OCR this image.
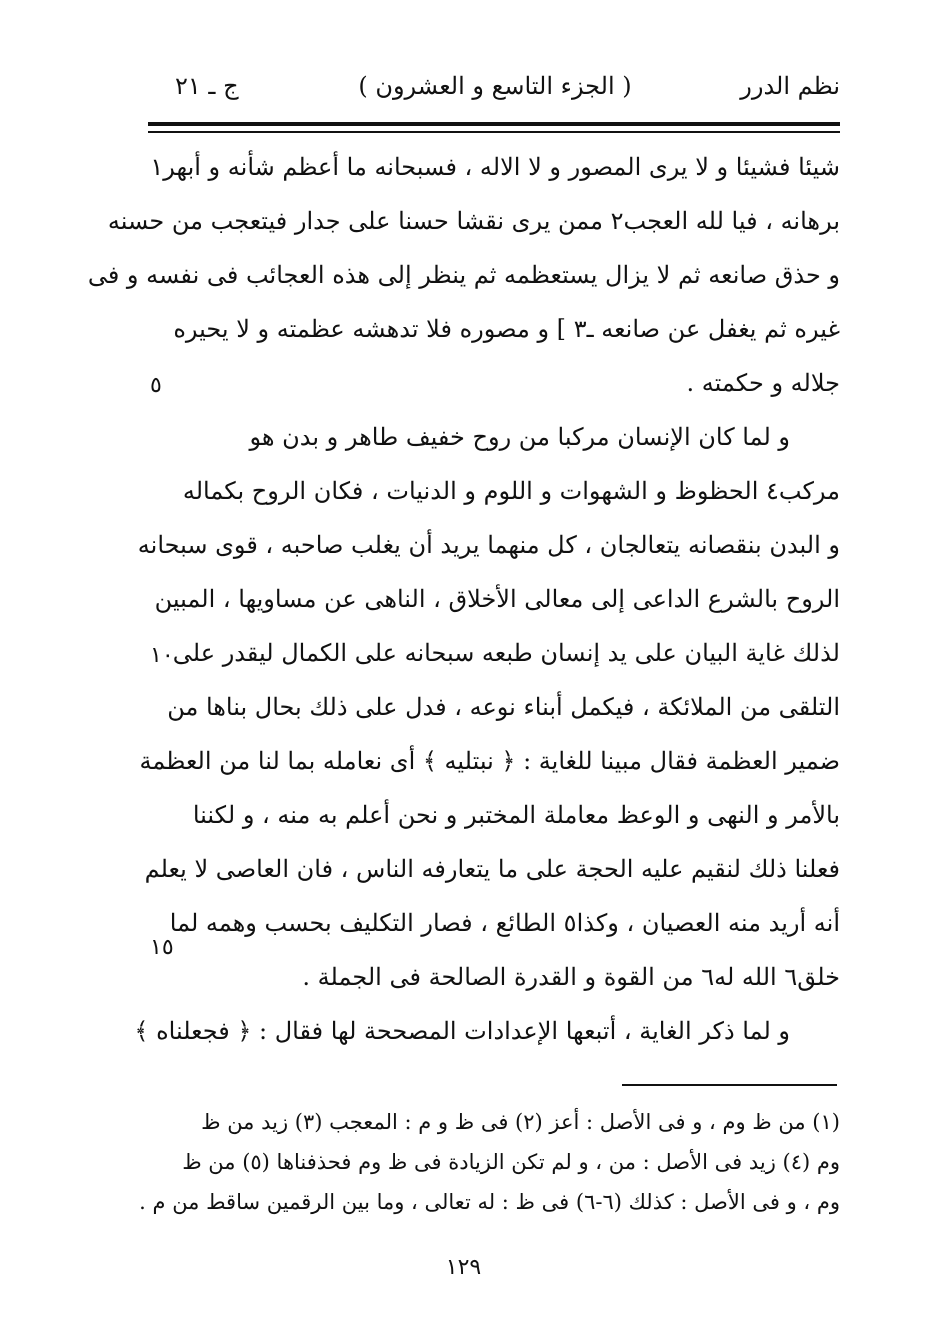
نظم الدرر
( الجزء التاسع و العشرون )
ج ـ ٢١
شيئا فشيئا و لا يرى المصور و لا الاله ، فسبحانه ما أعظم شأنه و أبهر١
برهانه ، فيا لله العجب٢ ممن يرى نقشا حسنا على جدار فيتعجب من حسنه
و حذق صانعه ثم لا يزال يستعظمه ثم ينظر إلى هذه العجائب فى نفسه و فى
غيره ثم يغفل عن صانعه ـ٣ ] و مصوره فلا تدهشه عظمته و لا يحيره
جلاله و حكمته .
و لما كان الإنسان مركبا من روح خفيف طاهر و بدن هو
مركب٤ الحظوظ و الشهوات و اللوم و الدنيات ، فكان الروح بكماله
و البدن بنقصانه يتعالجان ، كل منهما يريد أن يغلب صاحبه ، قوى سبحانه
الروح بالشرع الداعى إلى معالى الأخلاق ، الناهى عن مساويها ، المبين
لذلك غاية البيان على يد إنسان طبعه سبحانه على الكمال ليقدر على
التلقى من الملائكة ، فيكمل أبناء نوعه ، فدل على ذلك بحال بناها من
ضمير العظمة فقال مبينا للغاية : ﴿ نبتليه ﴾ أى نعامله بما لنا من العظمة
بالأمر و النهى و الوعظ معاملة المختبر و نحن أعلم به منه ، و لكننا
فعلنا ذلك لنقيم عليه الحجة على ما يتعارفه الناس ، فان العاصى لا يعلم
أنه أريد منه العصيان ، وكذا٥ الطائع ، فصار التكليف بحسب وهمه لما
خلق٦ الله له٦ من القوة و القدرة الصالحة فى الجملة .
و لما ذكر الغاية ، أتبعها الإعدادات المصححة لها فقال : ﴿ فجعلناه ﴾
٥
١٠
١٥
(١) من ظ وم ، و فى الأصل : أعز (٢) فى ظ و م : المعجب (٣) زيد من ظ
وم (٤) زيد فى الأصل : من ، و لم تكن الزيادة فى ظ وم فحذفناها (٥) من ظ
وم ، و فى الأصل : كذلك (٦-٦) فى ظ : له تعالى ، وما بين الرقمين ساقط من م .
١٢٩
